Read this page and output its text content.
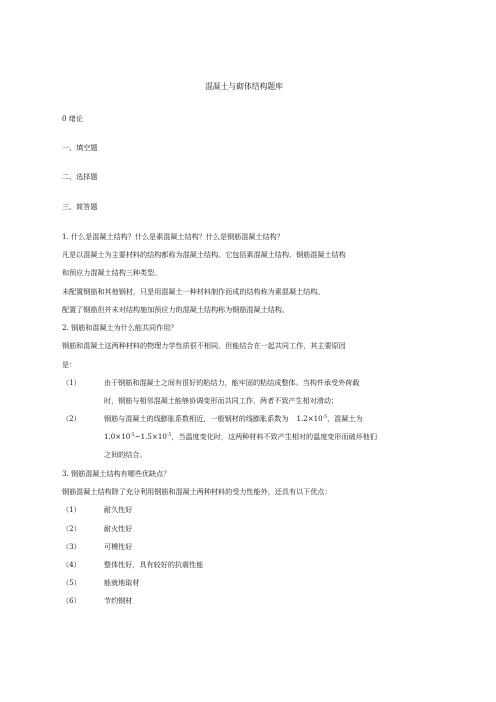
混凝土与砌体结构题库
0 绪论
一、填空题
二、选择题
三、简答题
1. 什么是混凝土结构？什么是素混凝土结构？什么是钢筋混凝土结构？
凡是以混凝土为主要材料的结构都称为混凝土结构。它包括素混凝土结构、钢筋混凝土结构
和预应力混凝土结构三种类型。
未配置钢筋和其他钢材，只是用混凝土一种材料制作而成的结构称为素混凝土结构。
配置了钢筋但并未对结构施加预应力的混凝土结构称为钢筋混凝土结构。
2. 钢筋和混凝土为什么能共同作用？
钢筋和混凝土这两种材料的物理力学性质很不相同，但能结合在一起共同工作，其主要原因
是：
（1）	由于钢筋和混凝土之间有很好的粘结力，能牢固的粘结成整体。当构件承受外荷载
时，钢筋与相邻混凝土能够协调变形而共同工作，两者不致产生相对滑动；
（2）	钢筋与混凝土的线膨胀系数相近，一般钢材的线膨胀系数为 $1.2\times 10^{-5}$，混凝土为
$1.0\times 10^{-5}\sim 1.5\times 10^{-5}$，当温度变化时，这两种材料不致产生相对的温度变形而破坏他们
之间的结合。
3. 钢筋混凝土结构有哪些优缺点？
钢筋混凝土结构除了充分利用钢筋和混凝土两种材料的受力性能外，还具有以下优点：
（1）	耐久性好
（2）	耐火性好
（3）	可模性好
（4）	整体性好，具有较好的抗震性能
（5）	能就地取材
（6）	节约钢材
